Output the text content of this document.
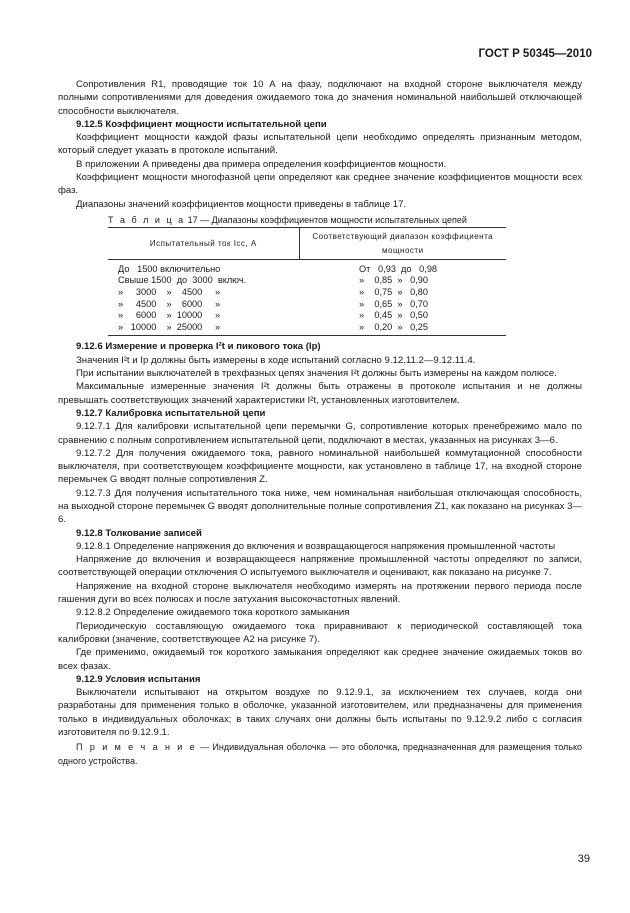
ГОСТ Р 50345—2010

Сопротивления R1, проводящие ток 10 А на фазу, подключают на входной стороне выключателя между полными сопротивлениями для доведения ожидаемого тока до значения номинальной наибольшей отключающей способности выключателя.

9.12.5 Коэффициент мощности испытательной цепи

Коэффициент мощности каждой фазы испытательной цепи необходимо определять признанным методом, который следует указать в протоколе испытаний.

В приложении А приведены два примера определения коэффициентов мощности.

Коэффициент мощности многофазной цепи определяют как среднее значение коэффициентов мощности всех фаз.

Диапазоны значений коэффициентов мощности приведены в таблице 17.

Т а б л и ц а 17 — Диапазоны коэффициентов мощности испытательных цепей
Испытательный ток Iсс, А	Соответствующий диапазон коэффициента мощности
До   1500 включительно	От   0,93  до   0,98
Свыше 1500  до  3000  включ.	»    0,85  »   0,90
»     3000    »    4500     »	»    0,75  »   0,80
»     4500    »    6000     »	»    0,65  »   0,70
»     6000    »  10000     »	»    0,45  »   0,50
»   10000    »  25000     »	»    0,20  »   0,25

9.12.6 Измерение и проверка I²t и пикового тока (Ip)

Значения I²t и Ip должны быть измерены в ходе испытаний согласно 9.12.11.2—9.12.11.4.

При испытании выключателей в трехфазных цепях значения I²t должны быть измерены на каждом полюсе.

Максимальные измеренные значения I²t должны быть отражены в протоколе испытания и не должны превышать соответствующих значений характеристики I²t, установленных изготовителем.

9.12.7 Калибровка испытательной цепи

9.12.7.1 Для калибровки испытательной цепи перемычки G, сопротивление которых пренебрежимо мало по сравнению с полным сопротивлением испытательной цепи, подключают в местах, указанных на рисунках 3—6.

9.12.7.2 Для получения ожидаемого тока, равного номинальной наибольшей коммутационной способности выключателя, при соответствующем коэффициенте мощности, как установлено в таблице 17, на входной стороне перемычек G вводят полные сопротивления Z.

9.12.7.3 Для получения испытательного тока ниже, чем номинальная наибольшая отключающая способность, на выходной стороне перемычек G вводят дополнительные полные сопротивления Z1, как показано на рисунках 3—6.

9.12.8 Толкование записей

9.12.8.1 Определение напряжения до включения и возвращающегося напряжения промышленной частоты

Напряжение до включения и возвращающееся напряжение промышленной частоты определяют по записи, соответствующей операции отключения O испытуемого выключателя и оценивают, как показано на рисунке 7.

Напряжение на входной стороне выключателя необходимо измерять на протяжении первого периода после гашения дуги во всех полюсах и после затухания высокочастотных явлений.

9.12.8.2 Определение ожидаемого тока короткого замыкания

Периодическую составляющую ожидаемого тока приравнивают к периодической составляющей тока калибровки (значение, соответствующее A2 на рисунке 7).

Где применимо, ожидаемый ток короткого замыкания определяют как среднее значение ожидаемых токов во всех фазах.

9.12.9 Условия испытания

Выключатели испытывают на открытом воздухе по 9.12.9.1, за исключением тех случаев, когда они разработаны для применения только в оболочке, указанной изготовителем, или предназначены для применения только в индивидуальных оболочках; в таких случаях они должны быть испытаны по 9.12.9.2 либо с согласия изготовителя по 9.12.9.1.

П р и м е ч а н и е — Индивидуальная оболочка — это оболочка, предназначенная для размещения только одного устройства.

39
